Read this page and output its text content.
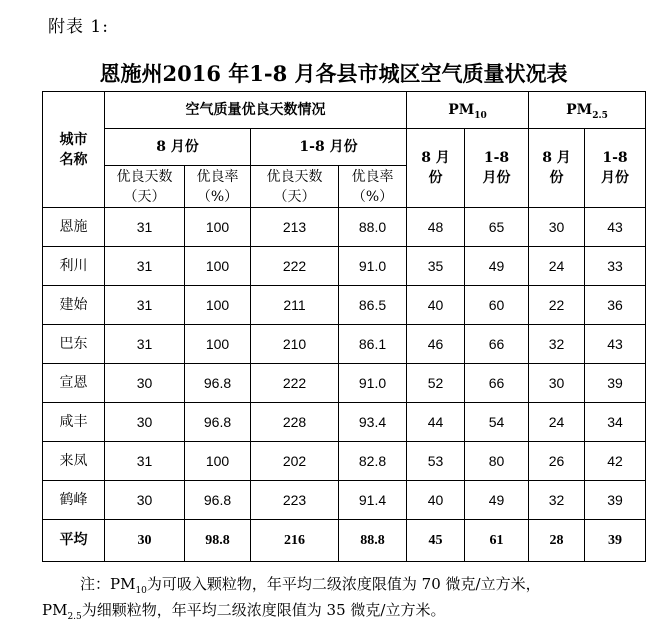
附表 1:
恩施州2016 年1-8 月各县市城区空气质量状况表
城市名称	空气质量优良天数情况				$PM_{10}$		$PM_{2.5}$
	8 月份		1-8 月份		8 月份	1-8 月份	8 月份	1-8 月份
	优良天数（天）	优良率（%）	优良天数（天）	优良率（%）				
恩施	31	100	213	88.0	48	65	30	43
利川	31	100	222	91.0	35	49	24	33
建始	31	100	211	86.5	40	60	22	36
巴东	31	100	210	86.1	46	66	32	43
宣恩	30	96.8	222	91.0	52	66	30	39
咸丰	30	96.8	228	93.4	44	54	24	34
来凤	31	100	202	82.8	53	80	26	42
鹤峰	30	96.8	223	91.4	40	49	32	39
平均	30	98.8	216	88.8	45	61	28	39
注：$PM_{10}$为可吸入颗粒物，年平均二级浓度限值为 70 微克/立方米，
$PM_{2.5}$为细颗粒物，年平均二级浓度限值为 35 微克/立方米。
